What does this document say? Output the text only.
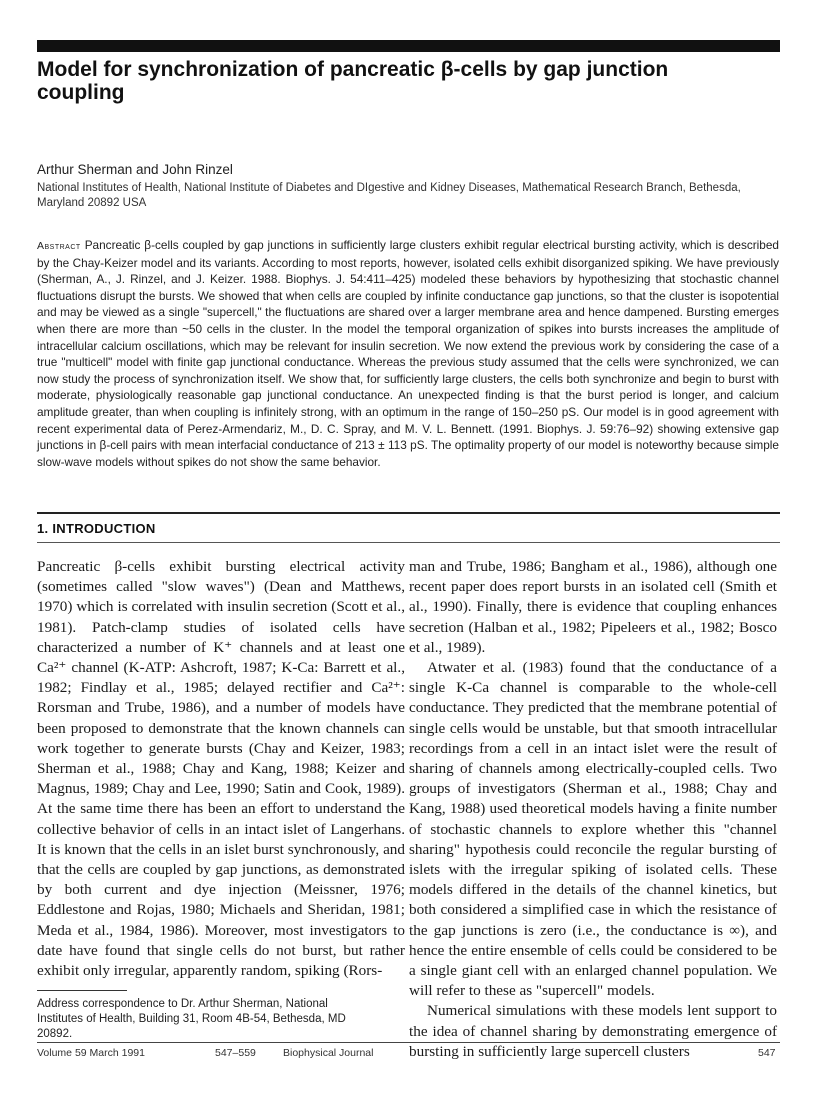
Model for synchronization of pancreatic β-cells by gap junction coupling
Arthur Sherman and John Rinzel
National Institutes of Health, National Institute of Diabetes and DIgestive and Kidney Diseases, Mathematical Research Branch, Bethesda, Maryland 20892 USA

Abstract Pancreatic β-cells coupled by gap junctions in sufficiently large clusters exhibit regular electrical bursting activity, which is described by the Chay-Keizer model and its variants. According to most reports, however, isolated cells exhibit disorganized spiking. We have previously (Sherman, A., J. Rinzel, and J. Keizer. 1988. Biophys. J. 54:411–425) modeled these behaviors by hypothesizing that stochastic channel fluctuations disrupt the bursts. We showed that when cells are coupled by infinite conductance gap junctions, so that the cluster is isopotential and may be viewed as a single "supercell," the fluctuations are shared over a larger membrane area and hence dampened. Bursting emerges when there are more than ~50 cells in the cluster. In the model the temporal organization of spikes into bursts increases the amplitude of intracellular calcium oscillations, which may be relevant for insulin secretion. We now extend the previous work by considering the case of a true "multicell" model with finite gap junctional conductance. Whereas the previous study assumed that the cells were synchronized, we can now study the process of synchronization itself. We show that, for sufficiently large clusters, the cells both synchronize and begin to burst with moderate, physiologically reasonable gap junctional conductance. An unexpected finding is that the burst period is longer, and calcium amplitude greater, than when coupling is infinitely strong, with an optimum in the range of 150–250 pS. Our model is in good agreement with recent experimental data of Perez-Armendariz, M., D. C. Spray, and M. V. L. Bennett. (1991. Biophys. J. 59:76–92) showing extensive gap junctions in β-cell pairs with mean interfacial conductance of 213 ± 113 pS. The optimality property of our model is noteworthy because simple slow-wave models without spikes do not show the same behavior.

1. INTRODUCTION

Pancreatic β-cells exhibit bursting electrical activity (sometimes called "slow waves") (Dean and Matthews, 1970) which is correlated with insulin secretion (Scott et al., 1981). Patch-clamp studies of isolated cells have characterized a number of K⁺ channels and at least one Ca²⁺ channel (K-ATP: Ashcroft, 1987; K-Ca: Barrett et al., 1982; Findlay et al., 1985; delayed rectifier and Ca²⁺: Rorsman and Trube, 1986), and a number of models have been proposed to demonstrate that the known channels can work together to generate bursts (Chay and Keizer, 1983; Sherman et al., 1988; Chay and Kang, 1988; Keizer and Magnus, 1989; Chay and Lee, 1990; Satin and Cook, 1989). At the same time there has been an effort to understand the collective behavior of cells in an intact islet of Langerhans. It is known that the cells in an islet burst synchronously, and that the cells are coupled by gap junctions, as demonstrated by both current and dye injection (Meissner, 1976; Eddlestone and Rojas, 1980; Michaels and Sheridan, 1981; Meda et al., 1984, 1986). Moreover, most investigators to date have found that single cells do not burst, but rather exhibit only irregular, apparently random, spiking (Rors-

man and Trube, 1986; Bangham et al., 1986), although one recent paper does report bursts in an isolated cell (Smith et al., 1990). Finally, there is evidence that coupling enhances secretion (Halban et al., 1982; Pipeleers et al., 1982; Bosco et al., 1989).

Atwater et al. (1983) found that the conductance of a single K-Ca channel is comparable to the whole-cell conductance. They predicted that the membrane potential of single cells would be unstable, but that smooth intracellular recordings from a cell in an intact islet were the result of sharing of channels among electrically-coupled cells. Two groups of investigators (Sherman et al., 1988; Chay and Kang, 1988) used theoretical models having a finite number of stochastic channels to explore whether this "channel sharing" hypothesis could reconcile the regular bursting of islets with the irregular spiking of isolated cells. These models differed in the details of the channel kinetics, but both considered a simplified case in which the resistance of the gap junctions is zero (i.e., the conductance is ∞), and hence the entire ensemble of cells could be considered to be a single giant cell with an enlarged channel population. We will refer to these as "supercell" models.

Numerical simulations with these models lent support to the idea of channel sharing by demonstrating emergence of bursting in sufficiently large supercell clusters

Address correspondence to Dr. Arthur Sherman, National Institutes of Health, Building 31, Room 4B-54, Bethesda, MD 20892.
Volume 59 March 1991	547–559	Biophysical Journal	547
